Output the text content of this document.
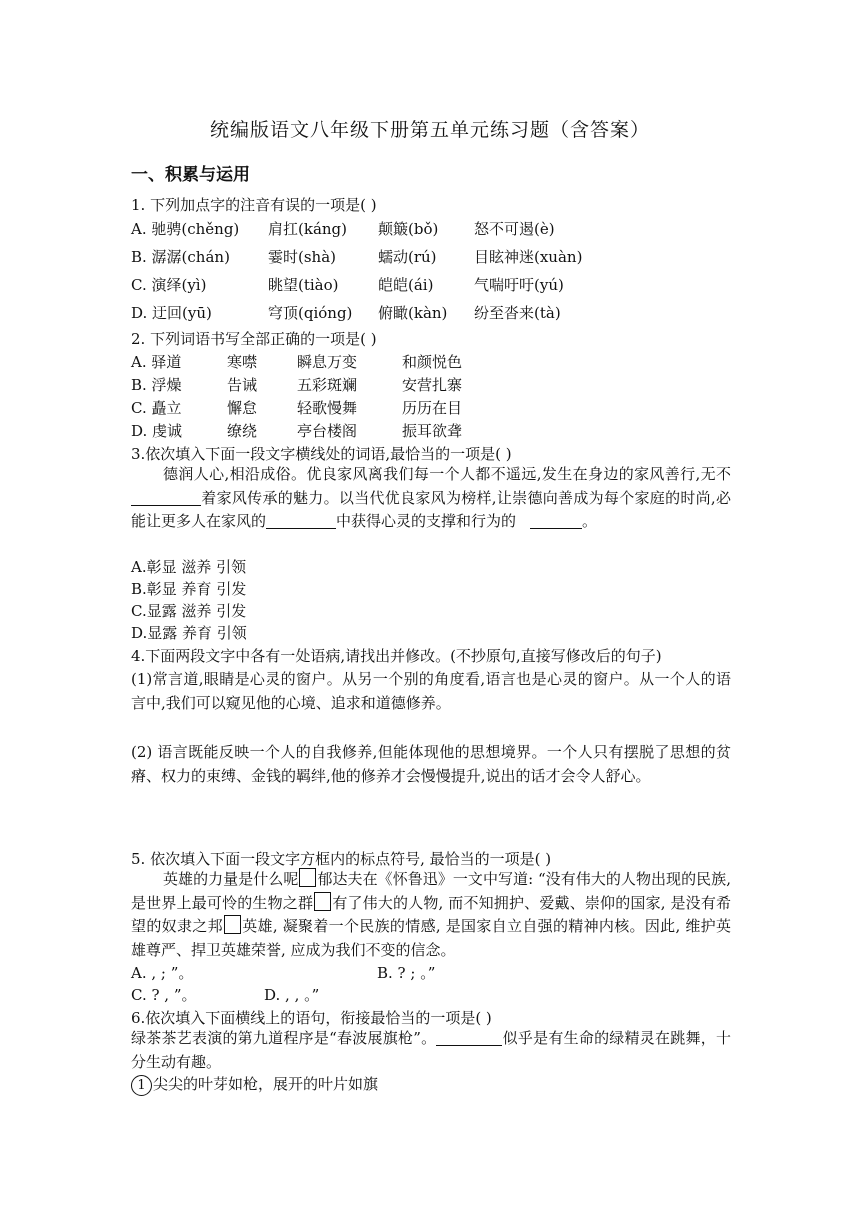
统编版语文八年级下册第五单元练习题（含答案）
一、积累与运用
1. 下列加点字的注音有误的一项是( )
A. 驰骋(chěng) 肩扛(káng) 颠簸(bǒ) 怒不可遏(è)
B. 潺潺(chán)	霎时(shà)	蠕动(rú) 目眩神迷(xuàn)
C. 演绎(yì)	眺望(tiào)	皑皑(ái)	气喘吁吁(yú)
D. 迂回(yū)	穹顶(qióng) 俯瞰(kàn) 纷至沓来(tà)
2. 下列词语书写全部正确的一项是( )
A. 驿道	寒噤	瞬息万变	和颜悦色
B. 浮燥	告诫	五彩斑斓	安营扎寨
C. 矗立	懈怠	轻歌慢舞	历历在目
D. 虔诚	缭绕	亭台楼阁	振耳欲聋
3.依次填入下面一段文字横线处的词语,最恰当的一项是( )
德润人心,相沿成俗。优良家风离我们每一个人都不遥远,发生在身边的家风善行,无不着家风传承的魅力。以当代优良家风为榜样,让崇德向善成为每个家庭的时尚,必能让更多人在家风的	中获得心灵的支撑和行为的	。
A.彰显 滋养 引领
B.彰显 养育 引发
C.显露 滋养 引发
D.显露 养育 引领
4.下面两段文字中各有一处语病,请找出并修改。(不抄原句,直接写修改后的句子)
(1)常言道,眼睛是心灵的窗户。从另一个别的角度看,语言也是心灵的窗户。从一个人的语言中,我们可以窥见他的心境、追求和道德修养。
(2) 语言既能反映一个人的自我修养,但能体现他的思想境界。一个人只有摆脱了思想的贫瘠、权力的束缚、金钱的羁绊,他的修养才会慢慢提升,说出的话才会令人舒心。
5. 依次填入下面一段文字方框内的标点符号, 最恰当的一项是( )
英雄的力量是什么呢 郁达夫在《怀鲁迅》一文中写道: “没有伟大的人物出现的民族, 是世界上最可怜的生物之群 有了伟大的人物, 而不知拥护、爱戴、崇仰的国家, 是没有希望的奴隶之邦 英雄, 凝聚着一个民族的情感, 是国家自立自强的精神内核。因此, 维护英雄尊严、捍卫英雄荣誉, 应成为我们不变的信念。
A. , ; ”。	B. ? ; 。”
C. ? , ”。	D. , , 。”
6.依次填入下面横线上的语句，衔接最恰当的一项是( )
绿茶茶艺表演的第九道程序是“春波展旗枪”。	似乎是有生命的绿精灵在跳舞，十分生动有趣。
1 尖尖的叶芽如枪，展开的叶片如旗
